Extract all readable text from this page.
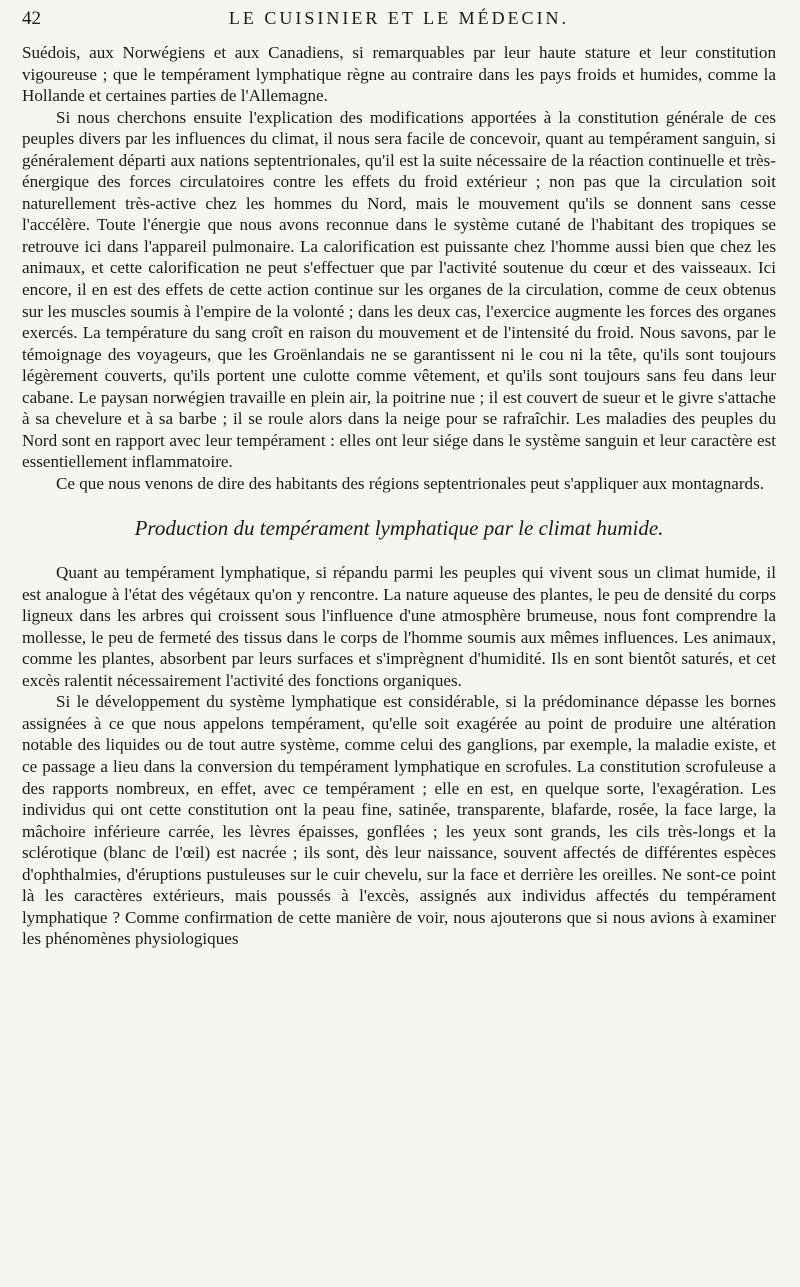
42	LE CUISINIER ET LE MÉDECIN.

Suédois, aux Norwégiens et aux Canadiens, si remarquables par leur haute stature et leur constitution vigoureuse ; que le tempérament lymphatique règne au contraire dans les pays froids et humides, comme la Hollande et certaines parties de l'Allemagne.

Si nous cherchons ensuite l'explication des modifications apportées à la constitution générale de ces peuples divers par les influences du climat, il nous sera facile de concevoir, quant au tempérament sanguin, si généralement départi aux nations septentrionales, qu'il est la suite nécessaire de la réaction continuelle et très-énergique des forces circulatoires contre les effets du froid extérieur ; non pas que la circulation soit naturellement très-active chez les hommes du Nord, mais le mouvement qu'ils se donnent sans cesse l'accélère. Toute l'énergie que nous avons reconnue dans le système cutané de l'habitant des tropiques se retrouve ici dans l'appareil pulmonaire. La calorification est puissante chez l'homme aussi bien que chez les animaux, et cette calorification ne peut s'effectuer que par l'activité soutenue du cœur et des vaisseaux. Ici encore, il en est des effets de cette action continue sur les organes de la circulation, comme de ceux obtenus sur les muscles soumis à l'empire de la volonté ; dans les deux cas, l'exercice augmente les forces des organes exercés. La température du sang croît en raison du mouvement et de l'intensité du froid. Nous savons, par le témoignage des voyageurs, que les Groënlandais ne se garantissent ni le cou ni la tête, qu'ils sont toujours légèrement couverts, qu'ils portent une culotte comme vêtement, et qu'ils sont toujours sans feu dans leur cabane. Le paysan norwégien travaille en plein air, la poitrine nue ; il est couvert de sueur et le givre s'attache à sa chevelure et à sa barbe ; il se roule alors dans la neige pour se rafraîchir. Les maladies des peuples du Nord sont en rapport avec leur tempérament : elles ont leur siége dans le système sanguin et leur caractère est essentiellement inflammatoire.

Ce que nous venons de dire des habitants des régions septentrionales peut s'appliquer aux montagnards.

Production du tempérament lymphatique par le climat humide.

Quant au tempérament lymphatique, si répandu parmi les peuples qui vivent sous un climat humide, il est analogue à l'état des végétaux qu'on y rencontre. La nature aqueuse des plantes, le peu de densité du corps ligneux dans les arbres qui croissent sous l'influence d'une atmosphère brumeuse, nous font comprendre la mollesse, le peu de fermeté des tissus dans le corps de l'homme soumis aux mêmes influences. Les animaux, comme les plantes, absorbent par leurs surfaces et s'imprègnent d'humidité. Ils en sont bientôt saturés, et cet excès ralentit nécessairement l'activité des fonctions organiques.

Si le développement du système lymphatique est considérable, si la prédominance dépasse les bornes assignées à ce que nous appelons tempérament, qu'elle soit exagérée au point de produire une altération notable des liquides ou de tout autre système, comme celui des ganglions, par exemple, la maladie existe, et ce passage a lieu dans la conversion du tempérament lymphatique en scrofules. La constitution scrofuleuse a des rapports nombreux, en effet, avec ce tempérament ; elle en est, en quelque sorte, l'exagération. Les individus qui ont cette constitution ont la peau fine, satinée, transparente, blafarde, rosée, la face large, la mâchoire inférieure carrée, les lèvres épaisses, gonflées ; les yeux sont grands, les cils très-longs et la sclérotique (blanc de l'œil) est nacrée ; ils sont, dès leur naissance, souvent affectés de différentes espèces d'ophthalmies, d'éruptions pustuleuses sur le cuir chevelu, sur la face et derrière les oreilles. Ne sont-ce point là les caractères extérieurs, mais poussés à l'excès, assignés aux individus affectés du tempérament lymphatique ? Comme confirmation de cette manière de voir, nous ajouterons que si nous avions à examiner les phénomènes physiologiques
